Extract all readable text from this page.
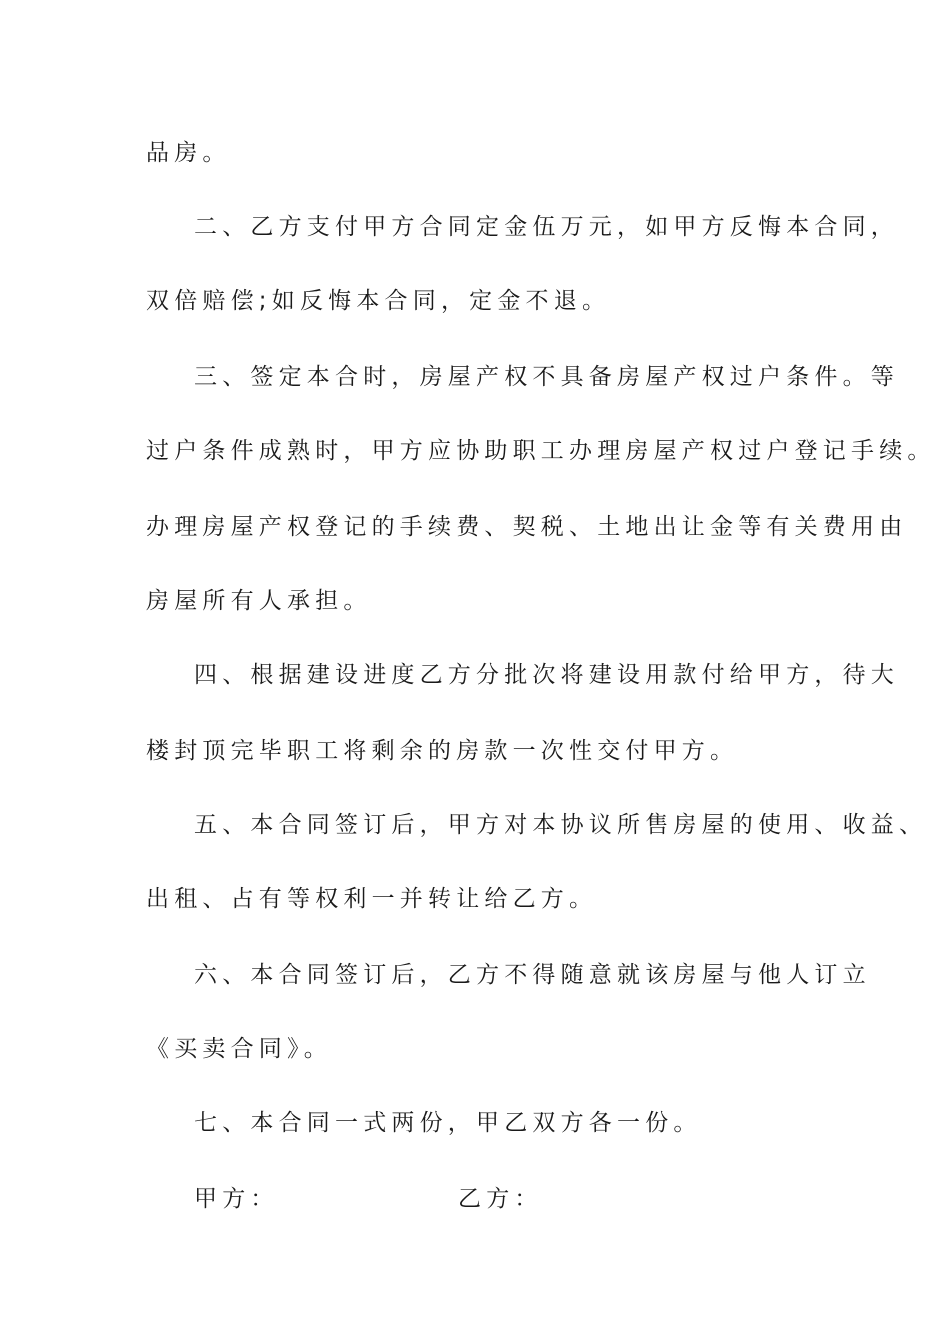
品房。

二、乙方支付甲方合同定金伍万元，如甲方反悔本合同，

双倍赔偿;如反悔本合同，定金不退。

三、签定本合时，房屋产权不具备房屋产权过户条件。等

过户条件成熟时，甲方应协助职工办理房屋产权过户登记手续。

办理房屋产权登记的手续费、契税、土地出让金等有关费用由

房屋所有人承担。

四、根据建设进度乙方分批次将建设用款付给甲方，待大

楼封顶完毕职工将剩余的房款一次性交付甲方。

五、本合同签订后，甲方对本协议所售房屋的使用、收益、

出租、占有等权利一并转让给乙方。

六、本合同签订后，乙方不得随意就该房屋与他人订立

《买卖合同》。

七、本合同一式两份，甲乙双方各一份。

甲方：	乙方：
